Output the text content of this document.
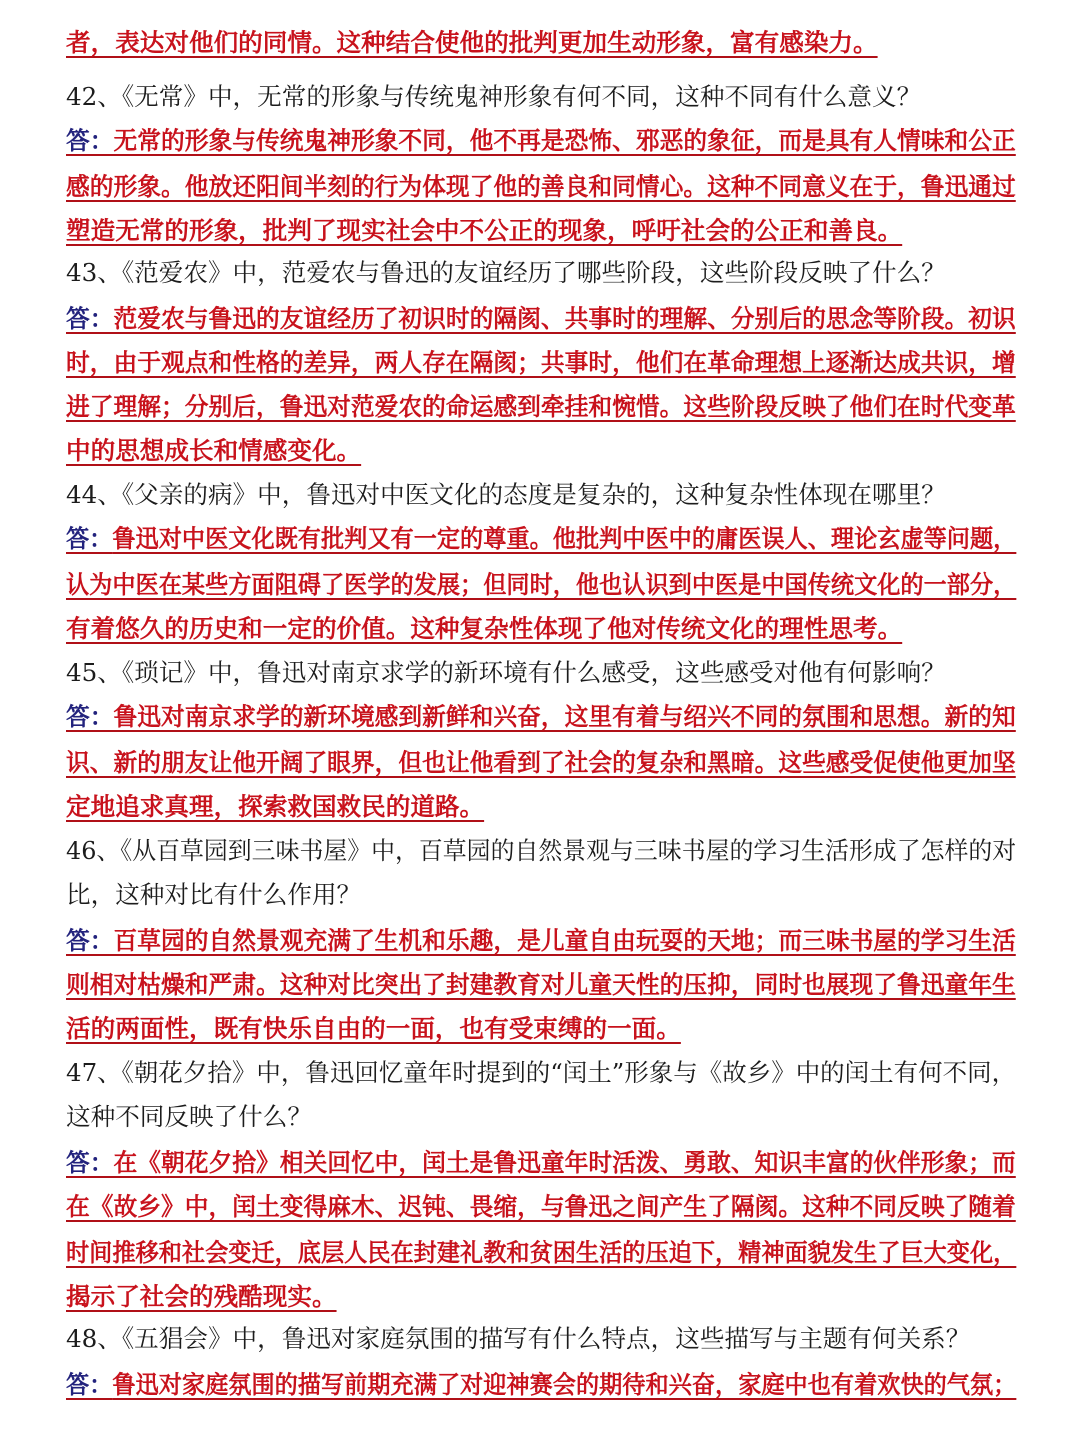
者，表达对他们的同情。这种结合使他的批判更加生动形象，富有感染力。
42、《无常》中，无常的形象与传统鬼神形象有何不同，这种不同有什么意义？
答：无常的形象与传统鬼神形象不同，他不再是恐怖、邪恶的象征，而是具有人情味和公正
感的形象。他放还阳间半刻的行为体现了他的善良和同情心。这种不同意义在于，鲁迅通过
塑造无常的形象，批判了现实社会中不公正的现象，呼吁社会的公正和善良。
43、《范爱农》中，范爱农与鲁迅的友谊经历了哪些阶段，这些阶段反映了什么？
答：范爱农与鲁迅的友谊经历了初识时的隔阂、共事时的理解、分别后的思念等阶段。初识
时，由于观点和性格的差异，两人存在隔阂；共事时，他们在革命理想上逐渐达成共识，增
进了理解；分别后，鲁迅对范爱农的命运感到牵挂和惋惜。这些阶段反映了他们在时代变革
中的思想成长和情感变化。
44、《父亲的病》中，鲁迅对中医文化的态度是复杂的，这种复杂性体现在哪里？
答：鲁迅对中医文化既有批判又有一定的尊重。他批判中医中的庸医误人、理论玄虚等问题，
认为中医在某些方面阻碍了医学的发展；但同时，他也认识到中医是中国传统文化的一部分，
有着悠久的历史和一定的价值。这种复杂性体现了他对传统文化的理性思考。
45、《琐记》中，鲁迅对南京求学的新环境有什么感受，这些感受对他有何影响？
答：鲁迅对南京求学的新环境感到新鲜和兴奋，这里有着与绍兴不同的氛围和思想。新的知
识、新的朋友让他开阔了眼界，但也让他看到了社会的复杂和黑暗。这些感受促使他更加坚
定地追求真理，探索救国救民的道路。
46、《从百草园到三味书屋》中，百草园的自然景观与三味书屋的学习生活形成了怎样的对
比，这种对比有什么作用？
答：百草园的自然景观充满了生机和乐趣，是儿童自由玩耍的天地；而三味书屋的学习生活
则相对枯燥和严肃。这种对比突出了封建教育对儿童天性的压抑，同时也展现了鲁迅童年生
活的两面性，既有快乐自由的一面，也有受束缚的一面。
47、《朝花夕拾》中，鲁迅回忆童年时提到的“闰土”形象与《故乡》中的闰土有何不同，
这种不同反映了什么？
答：在《朝花夕拾》相关回忆中，闰土是鲁迅童年时活泼、勇敢、知识丰富的伙伴形象；而
在《故乡》中，闰土变得麻木、迟钝、畏缩，与鲁迅之间产生了隔阂。这种不同反映了随着
时间推移和社会变迁，底层人民在封建礼教和贫困生活的压迫下，精神面貌发生了巨大变化，
揭示了社会的残酷现实。
48、《五猖会》中，鲁迅对家庭氛围的描写有什么特点，这些描写与主题有何关系？
答：鲁迅对家庭氛围的描写前期充满了对迎神赛会的期待和兴奋，家庭中也有着欢快的气氛；
